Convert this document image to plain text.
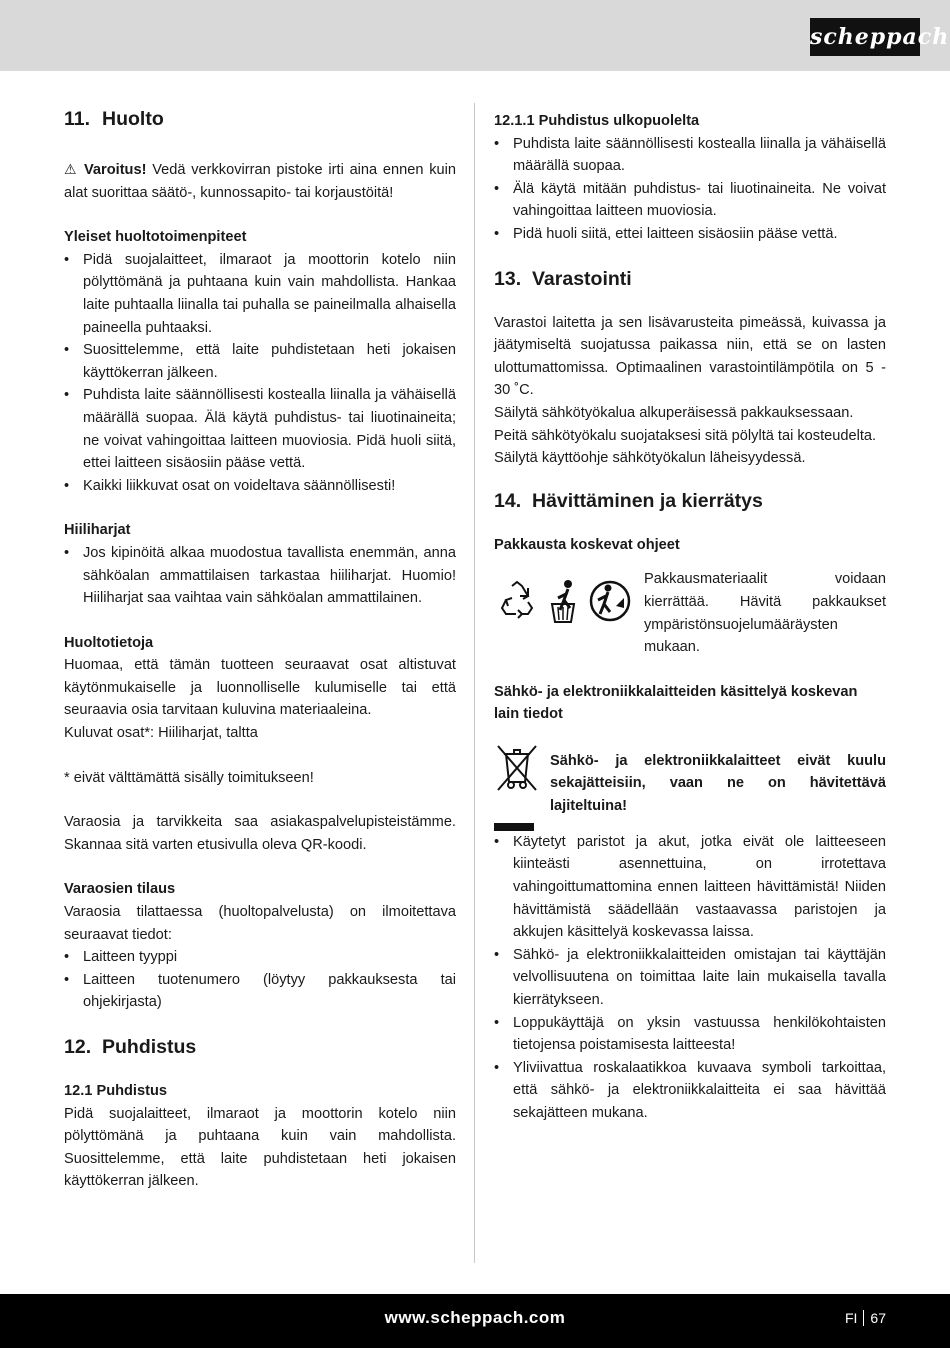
scheppach
11. Huolto

⚠ Varoitus! Vedä verkkovirran pistoke irti aina ennen kuin alat suorittaa säätö-, kunnossapito- tai korjaustöitä!

Yleiset huoltotoimenpiteet
• Pidä suojalaitteet, ilmaraot ja moottorin kotelo niin pölyttömänä ja puhtaana kuin vain mahdollista. Hankaa laite puhtaalla liinalla tai puhalla se paineilmalla alhaisella paineella puhtaaksi.
• Suosittelemme, että laite puhdistetaan heti jokaisen käyttökerran jälkeen.
• Puhdista laite säännöllisesti kostealla liinalla ja vähäisellä määrällä suopaa. Älä käytä puhdistus- tai liuotinaineita; ne voivat vahingoittaa laitteen muoviosia. Pidä huoli siitä, ettei laitteen sisäosiin pääse vettä.
• Kaikki liikkuvat osat on voideltava säännöllisesti!
Hiiliharjat
• Jos kipinöitä alkaa muodostua tavallista enemmän, anna sähköalan ammattilaisen tarkastaa hiiliharjat. Huomio! Hiiliharjat saa vaihtaa vain sähköalan ammattilainen.
Huoltotietoja

Huomaa, että tämän tuotteen seuraavat osat altistuvat käytönmukaiselle ja luonnolliselle kulumiselle tai että seuraavia osia tarvitaan kuluvina materiaaleina.

Kuluvat osat*: Hiiliharjat, taltta

* eivät välttämättä sisälly toimitukseen!

Varaosia ja tarvikkeita saa asiakaspalvelupisteistämme. Skannaa sitä varten etusivulla oleva QR-koodi.

Varaosien tilaus

Varaosia tilattaessa (huoltopalvelusta) on ilmoitettava seuraavat tiedot:

• Laitteen tyyppi
• Laitteen tuotenumero (löytyy pakkauksesta tai ohjekirjasta)
12. Puhdistus
12.1 Puhdistus

Pidä suojalaitteet, ilmaraot ja moottorin kotelo niin pölyttömänä ja puhtaana kuin vain mahdollista. Suosittelemme, että laite puhdistetaan heti jokaisen käyttökerran jälkeen.

12.1.1 Puhdistus ulkopuolelta
• Puhdista laite säännöllisesti kostealla liinalla ja vähäisellä määrällä suopaa.
• Älä käytä mitään puhdistus- tai liuotinaineita. Ne voivat vahingoittaa laitteen muoviosia.
• Pidä huoli siitä, ettei laitteen sisäosiin pääse vettä.
13. Varastointi

Varastoi laitetta ja sen lisävarusteita pimeässä, kuivassa ja jäätymiseltä suojatussa paikassa niin, että se on lasten ulottumattomissa. Optimaalinen varastointilämpötila on 5 - 30 ˚C.

Säilytä sähkötyökalua alkuperäisessä pakkauksessaan.

Peitä sähkötyökalu suojataksesi sitä pölyltä tai kosteudelta.

Säilytä käyttöohje sähkötyökalun läheisyydessä.

14. Hävittäminen ja kierrätys
Pakkausta koskevat ohjeet

Pakkausmateriaalit voidaan kierrättää. Hävitä pakkaukset ympäristönsuojelumääräysten mukaan.

Sähkö- ja elektroniikkalaitteiden käsittelyä koskevan lain tiedot

Sähkö- ja elektroniikkalaitteet eivät kuulu sekajätteisiin, vaan ne on hävitettävä lajiteltuina!

• Käytetyt paristot ja akut, jotka eivät ole laitteeseen kiinteästi asennettuina, on irrotettava vahingoittumattomina ennen laitteen hävittämistä! Niiden hävittämistä säädellään vastaavassa paristojen ja akkujen käsittelyä koskevassa laissa.
• Sähkö- ja elektroniikkalaitteiden omistajan tai käyttäjän velvollisuutena on toimittaa laite lain mukaisella tavalla kierrätykseen.
• Loppukäyttäjä on yksin vastuussa henkilökohtaisten tietojensa poistamisesta laitteesta!
• Yliviivattua roskalaatikkoa kuvaava symboli tarkoittaa, että sähkö- ja elektroniikkalaitteita ei saa hävittää sekajätteen mukana.
www.scheppach.com	FI 67
